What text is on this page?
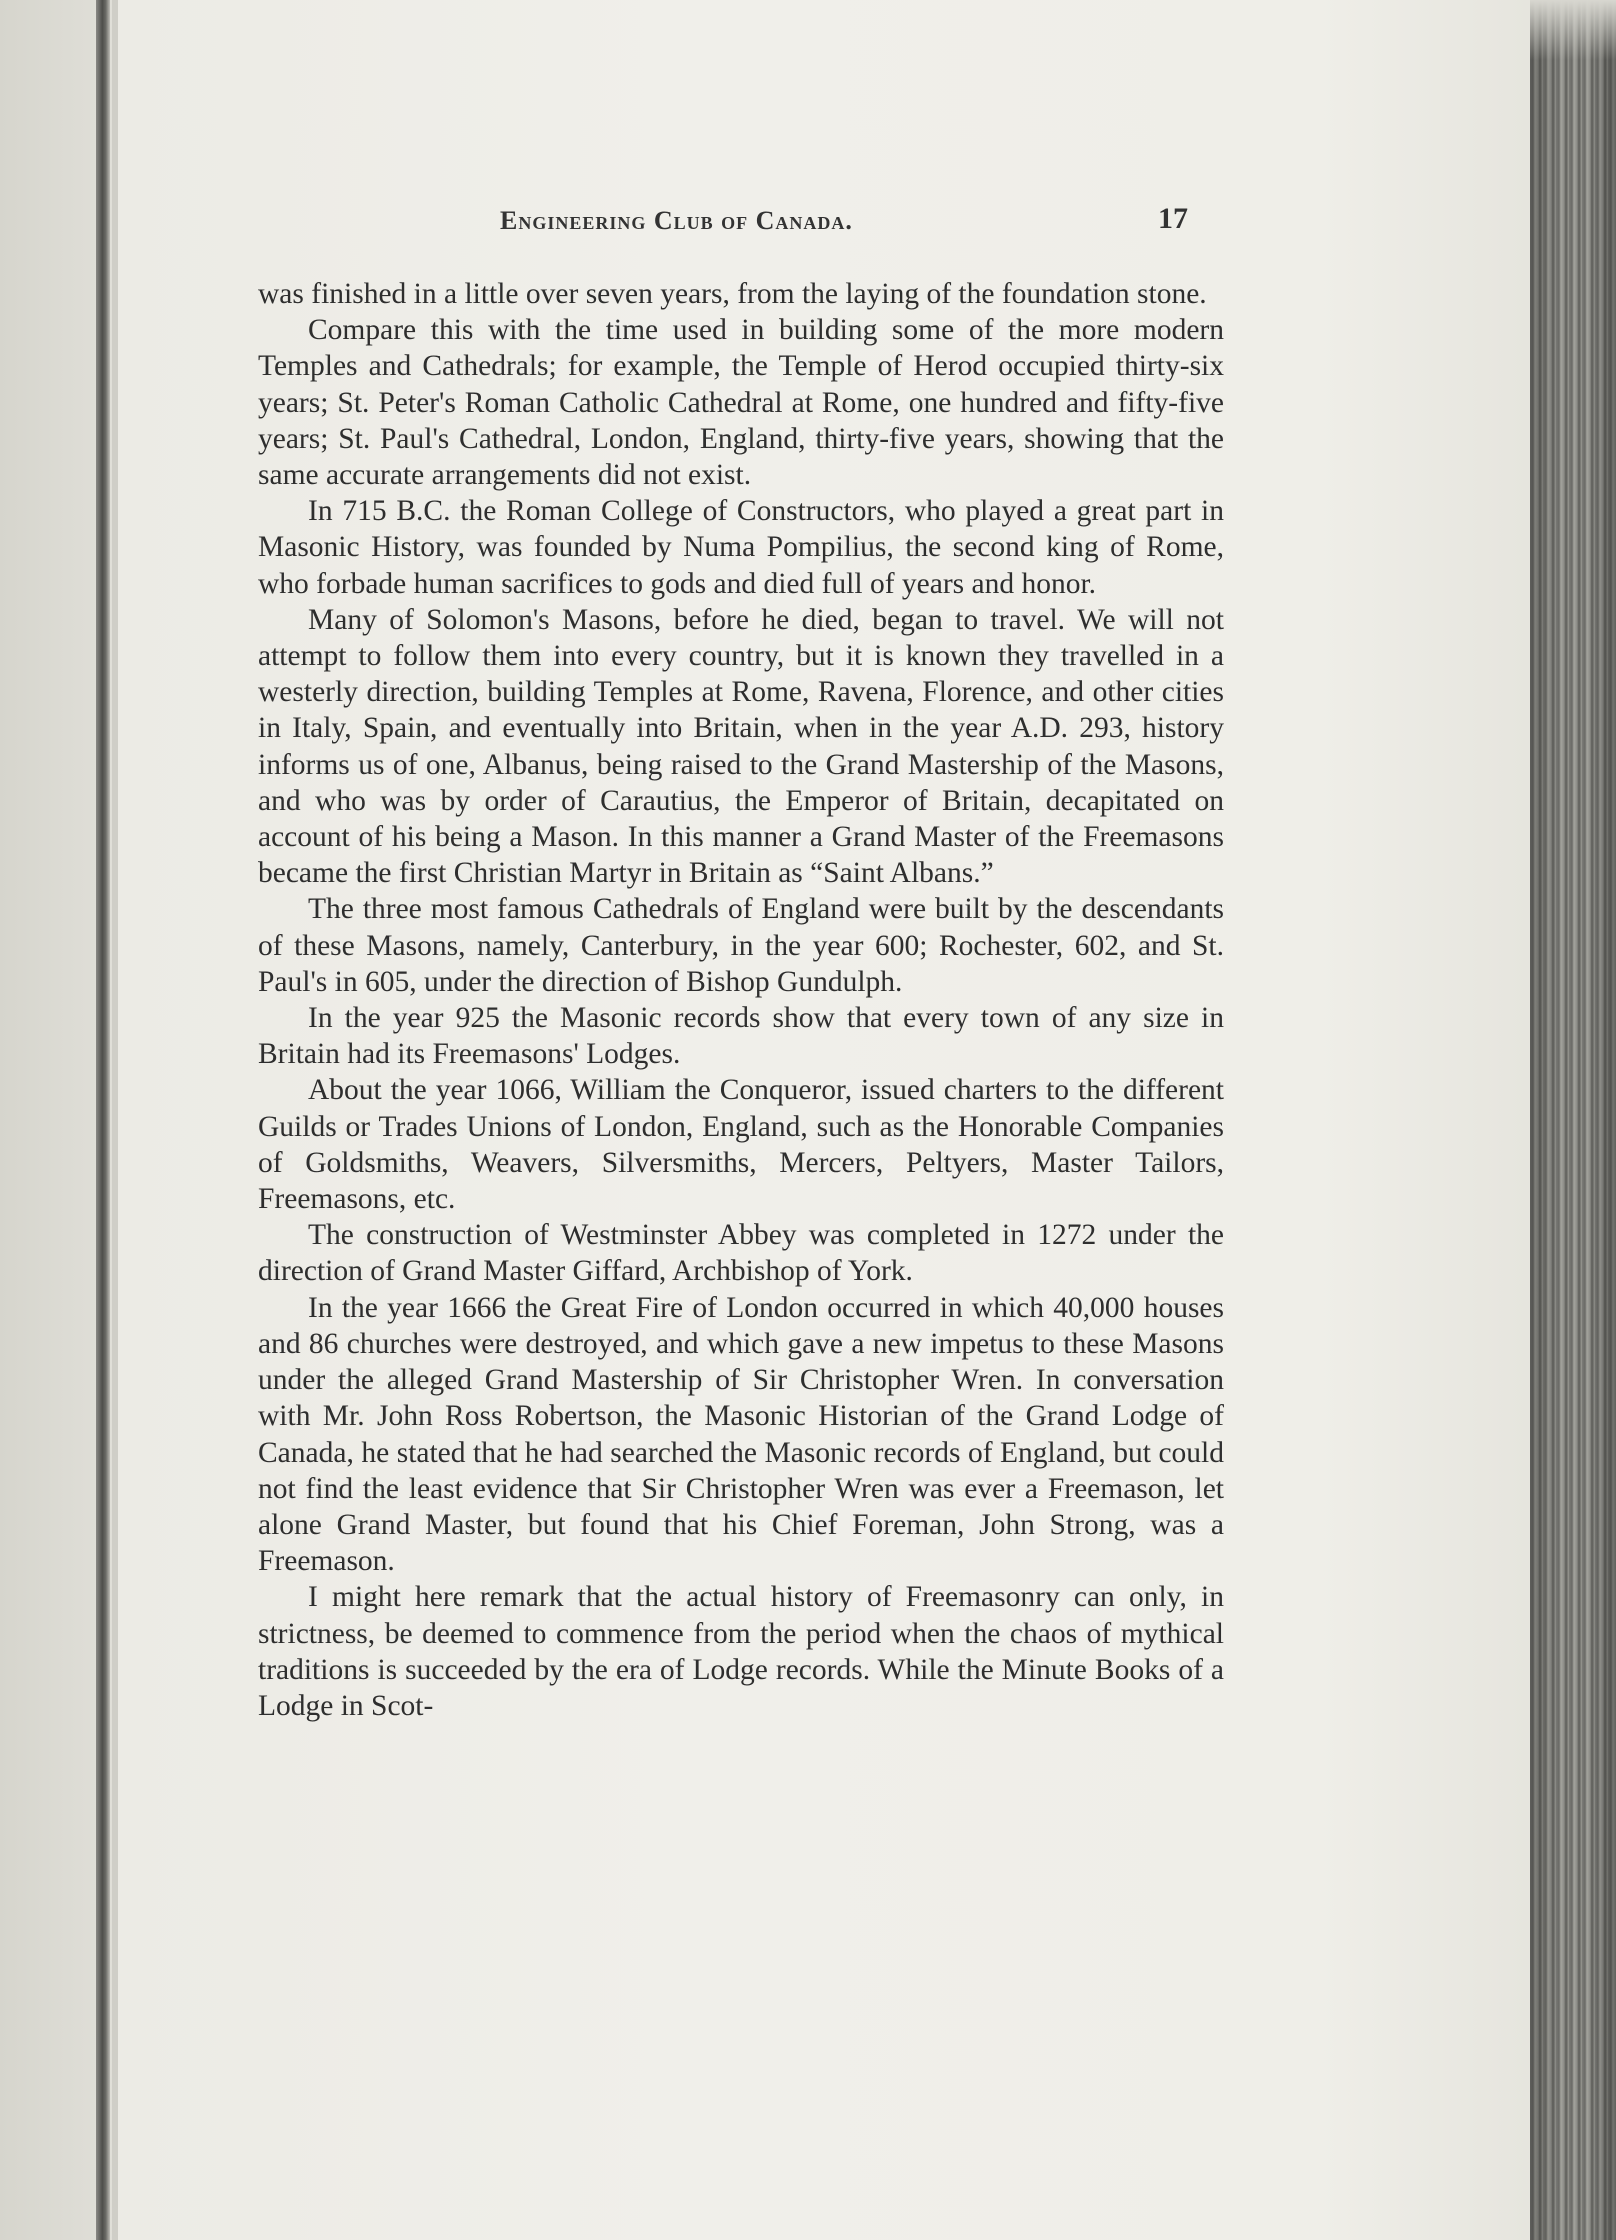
Engineering Club of Canada.	17

was finished in a little over seven years, from the laying of the foundation stone.

Compare this with the time used in building some of the more modern Temples and Cathedrals; for example, the Temple of Herod occupied thirty-six years; St. Peter's Roman Catholic Cathedral at Rome, one hundred and fifty-five years; St. Paul's Cathedral, London, England, thirty-five years, showing that the same accurate arrangements did not exist.

In 715 B.C. the Roman College of Constructors, who played a great part in Masonic History, was founded by Numa Pompilius, the second king of Rome, who forbade human sacrifices to gods and died full of years and honor.

Many of Solomon's Masons, before he died, began to travel. We will not attempt to follow them into every country, but it is known they travelled in a westerly direction, building Temples at Rome, Ravena, Florence, and other cities in Italy, Spain, and eventually into Britain, when in the year A.D. 293, history informs us of one, Albanus, being raised to the Grand Mastership of the Masons, and who was by order of Carautius, the Emperor of Britain, decapitated on account of his being a Mason. In this manner a Grand Master of the Freemasons became the first Christian Martyr in Britain as “Saint Albans.”

The three most famous Cathedrals of England were built by the descendants of these Masons, namely, Canterbury, in the year 600; Rochester, 602, and St. Paul's in 605, under the direction of Bishop Gundulph.

In the year 925 the Masonic records show that every town of any size in Britain had its Freemasons' Lodges.

About the year 1066, William the Conqueror, issued charters to the different Guilds or Trades Unions of London, England, such as the Honorable Companies of Goldsmiths, Weavers, Silversmiths, Mercers, Peltyers, Master Tailors, Freemasons, etc.

The construction of Westminster Abbey was completed in 1272 under the direction of Grand Master Giffard, Archbishop of York.

In the year 1666 the Great Fire of London occurred in which 40,000 houses and 86 churches were destroyed, and which gave a new impetus to these Masons under the alleged Grand Mastership of Sir Christopher Wren. In conversation with Mr. John Ross Robertson, the Masonic Historian of the Grand Lodge of Canada, he stated that he had searched the Masonic records of England, but could not find the least evidence that Sir Christopher Wren was ever a Freemason, let alone Grand Master, but found that his Chief Foreman, John Strong, was a Freemason.

I might here remark that the actual history of Freemasonry can only, in strictness, be deemed to commence from the period when the chaos of mythical traditions is succeeded by the era of Lodge records. While the Minute Books of a Lodge in Scot-
